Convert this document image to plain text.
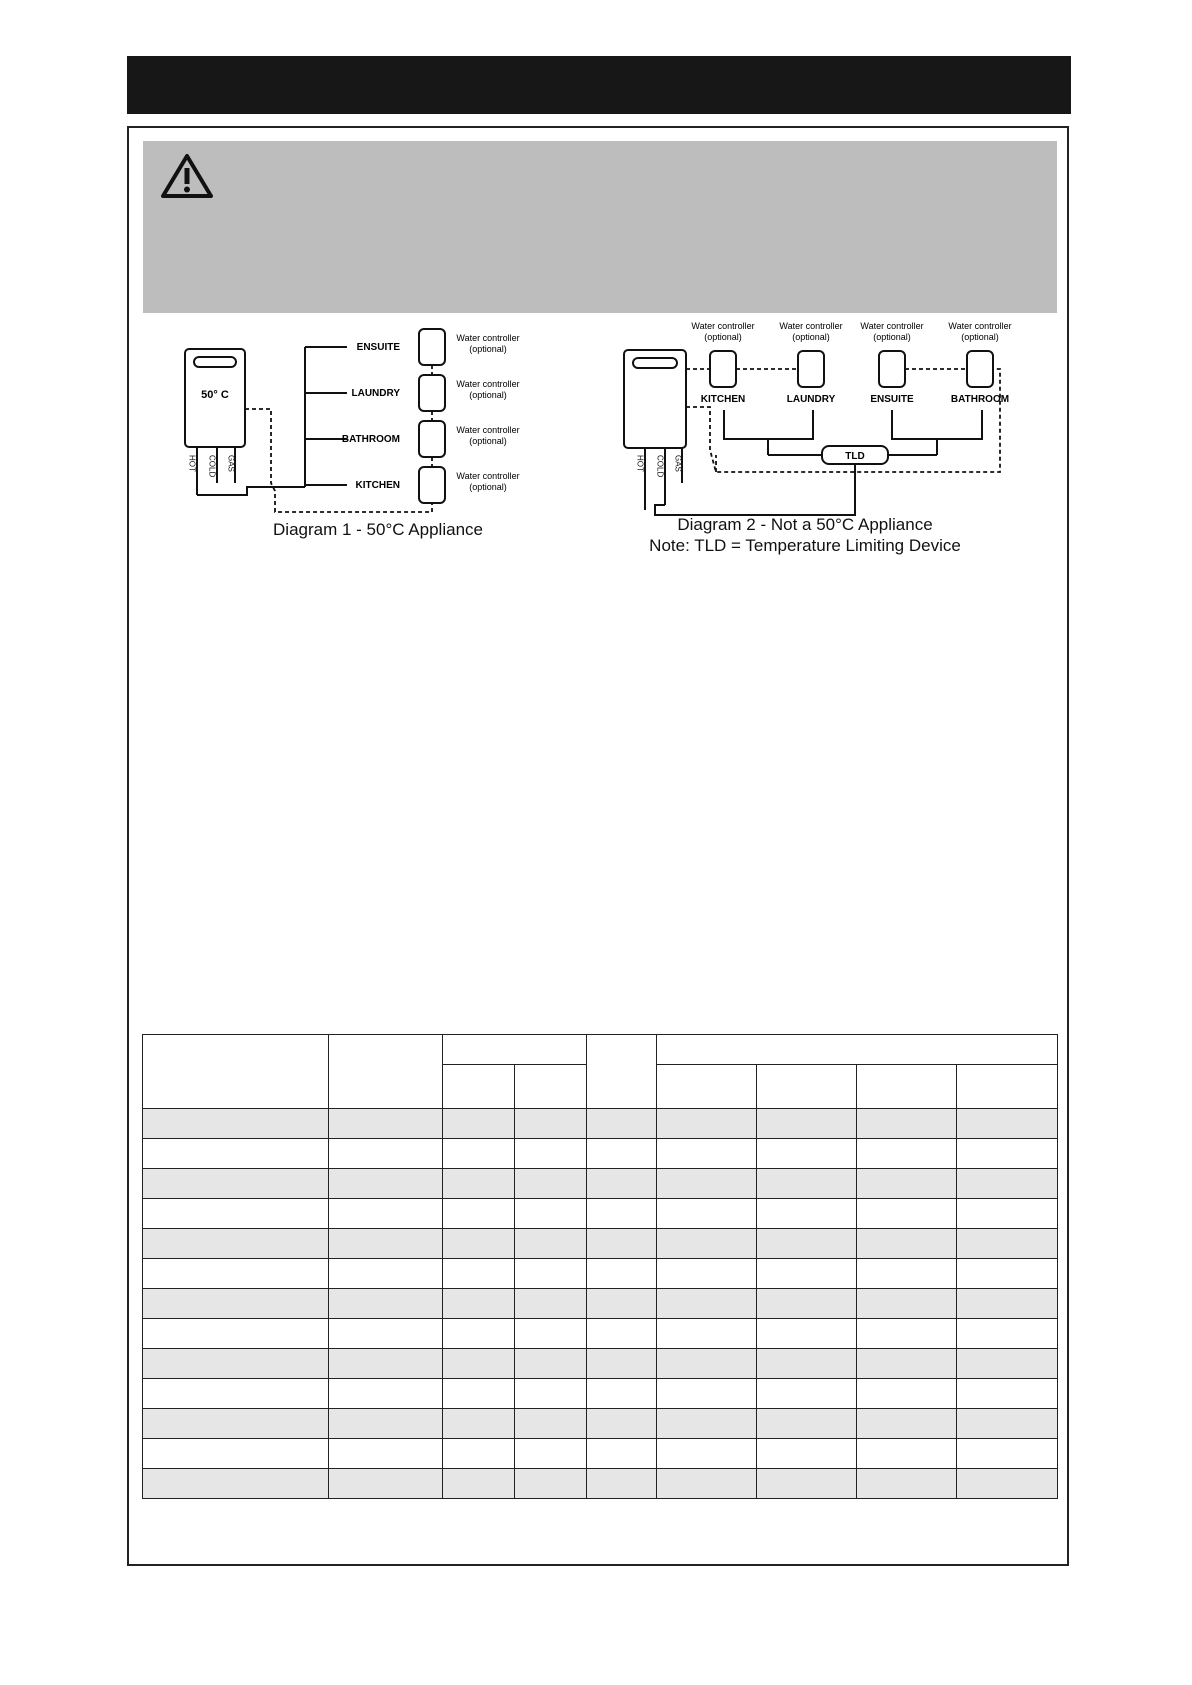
50° C
HOT COLD GAS
ENSUITE
LAUNDRY
BATHROOM
KITCHEN
Water controller
(optional)
Water controller
(optional)
Water controller
(optional)
Water controller
(optional)
Diagram 1 - 50°C Appliance
KITCHEN	LAUNDRY	ENSUITE	BATHROOM
TLD
Water controller
(optional)
Water controller
(optional)
Water controller
(optional)
Water controller
(optional)
HOT COLD GAS
Diagram 2 - Not a 50°C Appliance
Note: TLD = Temperature Limiting Device
